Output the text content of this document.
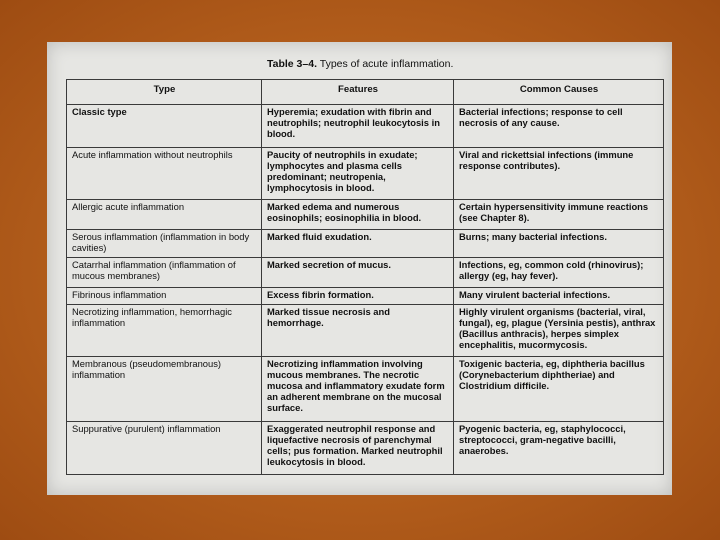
Table 3–4. Types of acute inflammation.
Type	Features	Common Causes

Classic type	Hyperemia; exudation with fibrin and neutrophils; neutrophil leukocytosis in blood.	Bacterial infections; response to cell necrosis of any cause.

Acute inflammation without neutrophils	Paucity of neutrophils in exudate; lymphocytes and plasma cells predominant; neutropenia, lymphocytosis in blood.	Viral and rickettsial infections (immune response contributes).

Allergic acute inflammation	Marked edema and numerous eosinophils; eosinophilia in blood.	Certain hypersensitivity immune reactions (see Chapter 8).

Serous inflammation (inflammation in body cavities)	Marked fluid exudation.	Burns; many bacterial infections.

Catarrhal inflammation (inflammation of mucous membranes)	Marked secretion of mucus.	Infections, eg, common cold (rhinovirus); allergy (eg, hay fever).

Fibrinous inflammation	Excess fibrin formation.	Many virulent bacterial infections.

Necrotizing inflammation, hemorrhagic inflammation	Marked tissue necrosis and hemorrhage.	Highly virulent organisms (bacterial, viral, fungal), eg, plague (Yersinia pestis), anthrax (Bacillus anthracis), herpes simplex encephalitis, mucormycosis.

Membranous (pseudomembranous) inflammation	Necrotizing inflammation involving mucous membranes. The necrotic mucosa and inflammatory exudate form an adherent membrane on the mucosal surface.	Toxigenic bacteria, eg, diphtheria bacillus (Corynebacterium diphtheriae) and Clostridium difficile.

Suppurative (purulent) inflammation	Exaggerated neutrophil response and liquefactive necrosis of parenchymal cells; pus formation. Marked neutrophil leukocytosis in blood.	Pyogenic bacteria, eg, staphylococci, streptococci, gram-negative bacilli, anaerobes.
